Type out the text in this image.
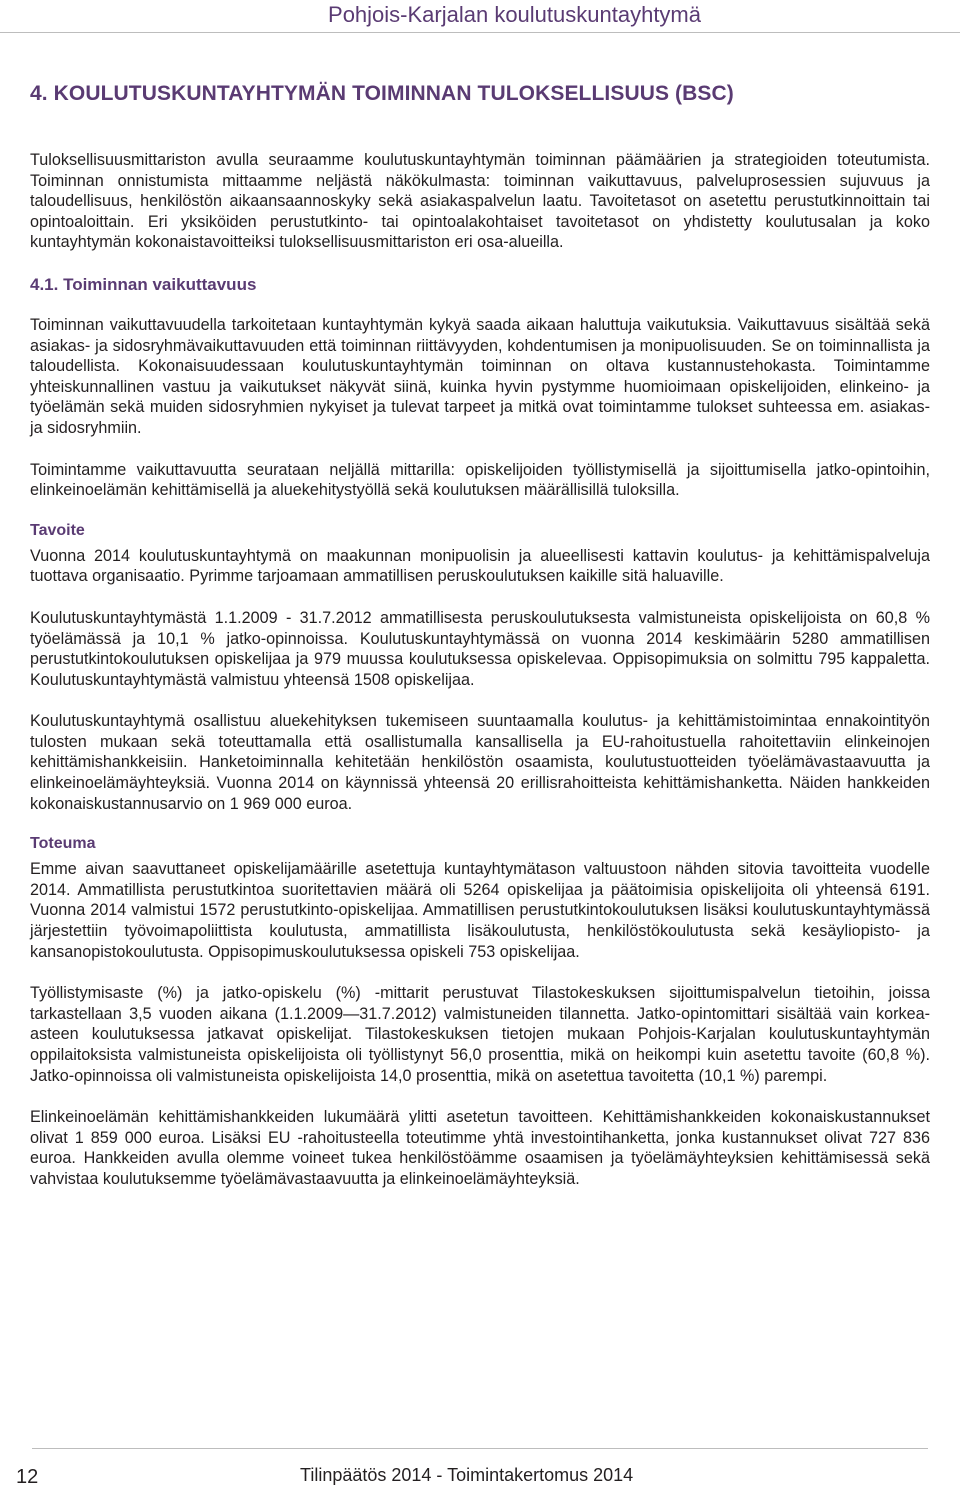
Pohjois-Karjalan koulutuskuntayhtymä
4. KOULUTUSKUNTAYHTYMÄN TOIMINNAN TULOKSELLISUUS (BSC)

Tuloksellisuusmittariston avulla seuraamme koulutuskuntayhtymän toiminnan päämäärien ja strategioiden toteutumista. Toiminnan onnistumista mittaamme neljästä näkökulmasta: toiminnan vaikuttavuus, palveluprosessien sujuvuus ja taloudellisuus, henkilöstön aikaansaannoskyky sekä asiakaspalvelun laatu. Tavoitetasot on asetettu perustutkinnoittain tai opintoaloittain. Eri yksiköiden perustutkinto- tai opintoalakohtaiset tavoitetasot on yhdistetty koulutusalan ja koko kuntayhtymän kokonaistavoitteiksi tuloksellisuusmittariston eri osa-alueilla.

4.1. Toiminnan vaikuttavuus

Toiminnan vaikuttavuudella tarkoitetaan kuntayhtymän kykyä saada aikaan haluttuja vaikutuksia. Vaikuttavuus sisältää sekä asiakas- ja sidosryhmävaikuttavuuden että toiminnan riittävyyden, kohdentumisen ja monipuolisuuden. Se on toiminnallista ja taloudellista. Kokonaisuudessaan koulutuskuntayhtymän toiminnan on oltava kustannustehokasta. Toimintamme yhteiskunnallinen vastuu ja vaikutukset näkyvät siinä, kuinka hyvin pystymme huomioimaan opiskelijoiden, elinkeino- ja työelämän sekä muiden sidosryhmien nykyiset ja tulevat tarpeet ja mitkä ovat toimintamme tulokset suhteessa em. asiakas- ja sidosryhmiin.

Toimintamme vaikuttavuutta seurataan neljällä mittarilla: opiskelijoiden työllistymisellä ja sijoittumisella jatko-opintoihin, elinkeinoelämän kehittämisellä ja aluekehitystyöllä sekä koulutuksen määrällisillä tuloksilla.

Tavoite

Vuonna 2014 koulutuskuntayhtymä on maakunnan monipuolisin ja alueellisesti kattavin koulutus- ja kehittämispalveluja tuottava organisaatio. Pyrimme tarjoamaan ammatillisen peruskoulutuksen kaikille sitä haluaville.

Koulutuskuntayhtymästä 1.1.2009 - 31.7.2012 ammatillisesta peruskoulutuksesta valmistuneista opiskelijoista on 60,8 % työelämässä ja 10,1 % jatko-opinnoissa. Koulutuskuntayhtymässä on vuonna 2014 keskimäärin 5280 ammatillisen perustutkintokoulutuksen opiskelijaa ja 979 muussa koulutuksessa opiskelevaa. Oppisopimuksia on solmittu 795 kappaletta. Koulutuskuntayhtymästä valmistuu yhteensä 1508 opiskelijaa.

Koulutuskuntayhtymä osallistuu aluekehityksen tukemiseen suuntaamalla koulutus- ja kehittämistoimintaa ennakointityön tulosten mukaan sekä toteuttamalla että osallistumalla kansallisella ja EU-rahoitustuella rahoitettaviin elinkeinojen kehittämishankkeisiin. Hanketoiminnalla kehitetään henkilöstön osaamista, koulutustuotteiden työelämävastaavuutta ja elinkeinoelämäyhteyksiä. Vuonna 2014 on käynnissä yhteensä 20 erillisrahoitteista kehittämishanketta. Näiden hankkeiden kokonaiskustannusarvio on 1 969 000 euroa.

Toteuma

Emme aivan saavuttaneet opiskelijamäärille asetettuja kuntayhtymätason valtuustoon nähden sitovia tavoitteita vuodelle 2014. Ammatillista perustutkintoa suoritettavien määrä oli 5264 opiskelijaa ja päätoimisia opiskelijoita oli yhteensä 6191. Vuonna 2014 valmistui 1572 perustutkinto-opiskelijaa. Ammatillisen perustutkintokoulutuksen lisäksi koulutuskuntayhtymässä järjestettiin työvoimapoliittista koulutusta, ammatillista lisäkoulutusta, henkilöstökoulutusta sekä kesäyliopisto- ja kansanopistokoulutusta. Oppisopimuskoulutuksessa opiskeli 753 opiskelijaa.

Työllistymisaste (%) ja jatko-opiskelu (%) -mittarit perustuvat Tilastokeskuksen sijoittumispalvelun tietoihin, joissa tarkastellaan 3,5 vuoden aikana (1.1.2009—31.7.2012) valmistuneiden tilannetta. Jatko-opintomittari sisältää vain korkea-asteen koulutuksessa jatkavat opiskelijat. Tilastokeskuksen tietojen mukaan Pohjois-Karjalan koulutuskuntayhtymän oppilaitoksista valmistuneista opiskelijoista oli työllistynyt 56,0 prosenttia, mikä on heikompi kuin asetettu tavoite (60,8 %). Jatko-opinnoissa oli valmistuneista opiskelijoista 14,0 prosenttia, mikä on asetettua tavoitetta (10,1 %) parempi.

Elinkeinoelämän kehittämishankkeiden lukumäärä ylitti asetetun tavoitteen. Kehittämishankkeiden kokonaiskustannukset olivat 1 859 000 euroa. Lisäksi EU -rahoitusteella toteutimme yhtä investointihanketta, jonka kustannukset olivat 727 836 euroa. Hankkeiden avulla olemme voineet tukea henkilöstöämme osaamisen ja työelämäyhteyksien kehittämisessä sekä vahvistaa koulutuksemme työelämävastaavuutta ja elinkeinoelämäyhteyksiä.

12	Tilinpäätös 2014 - Toimintakertomus 2014
